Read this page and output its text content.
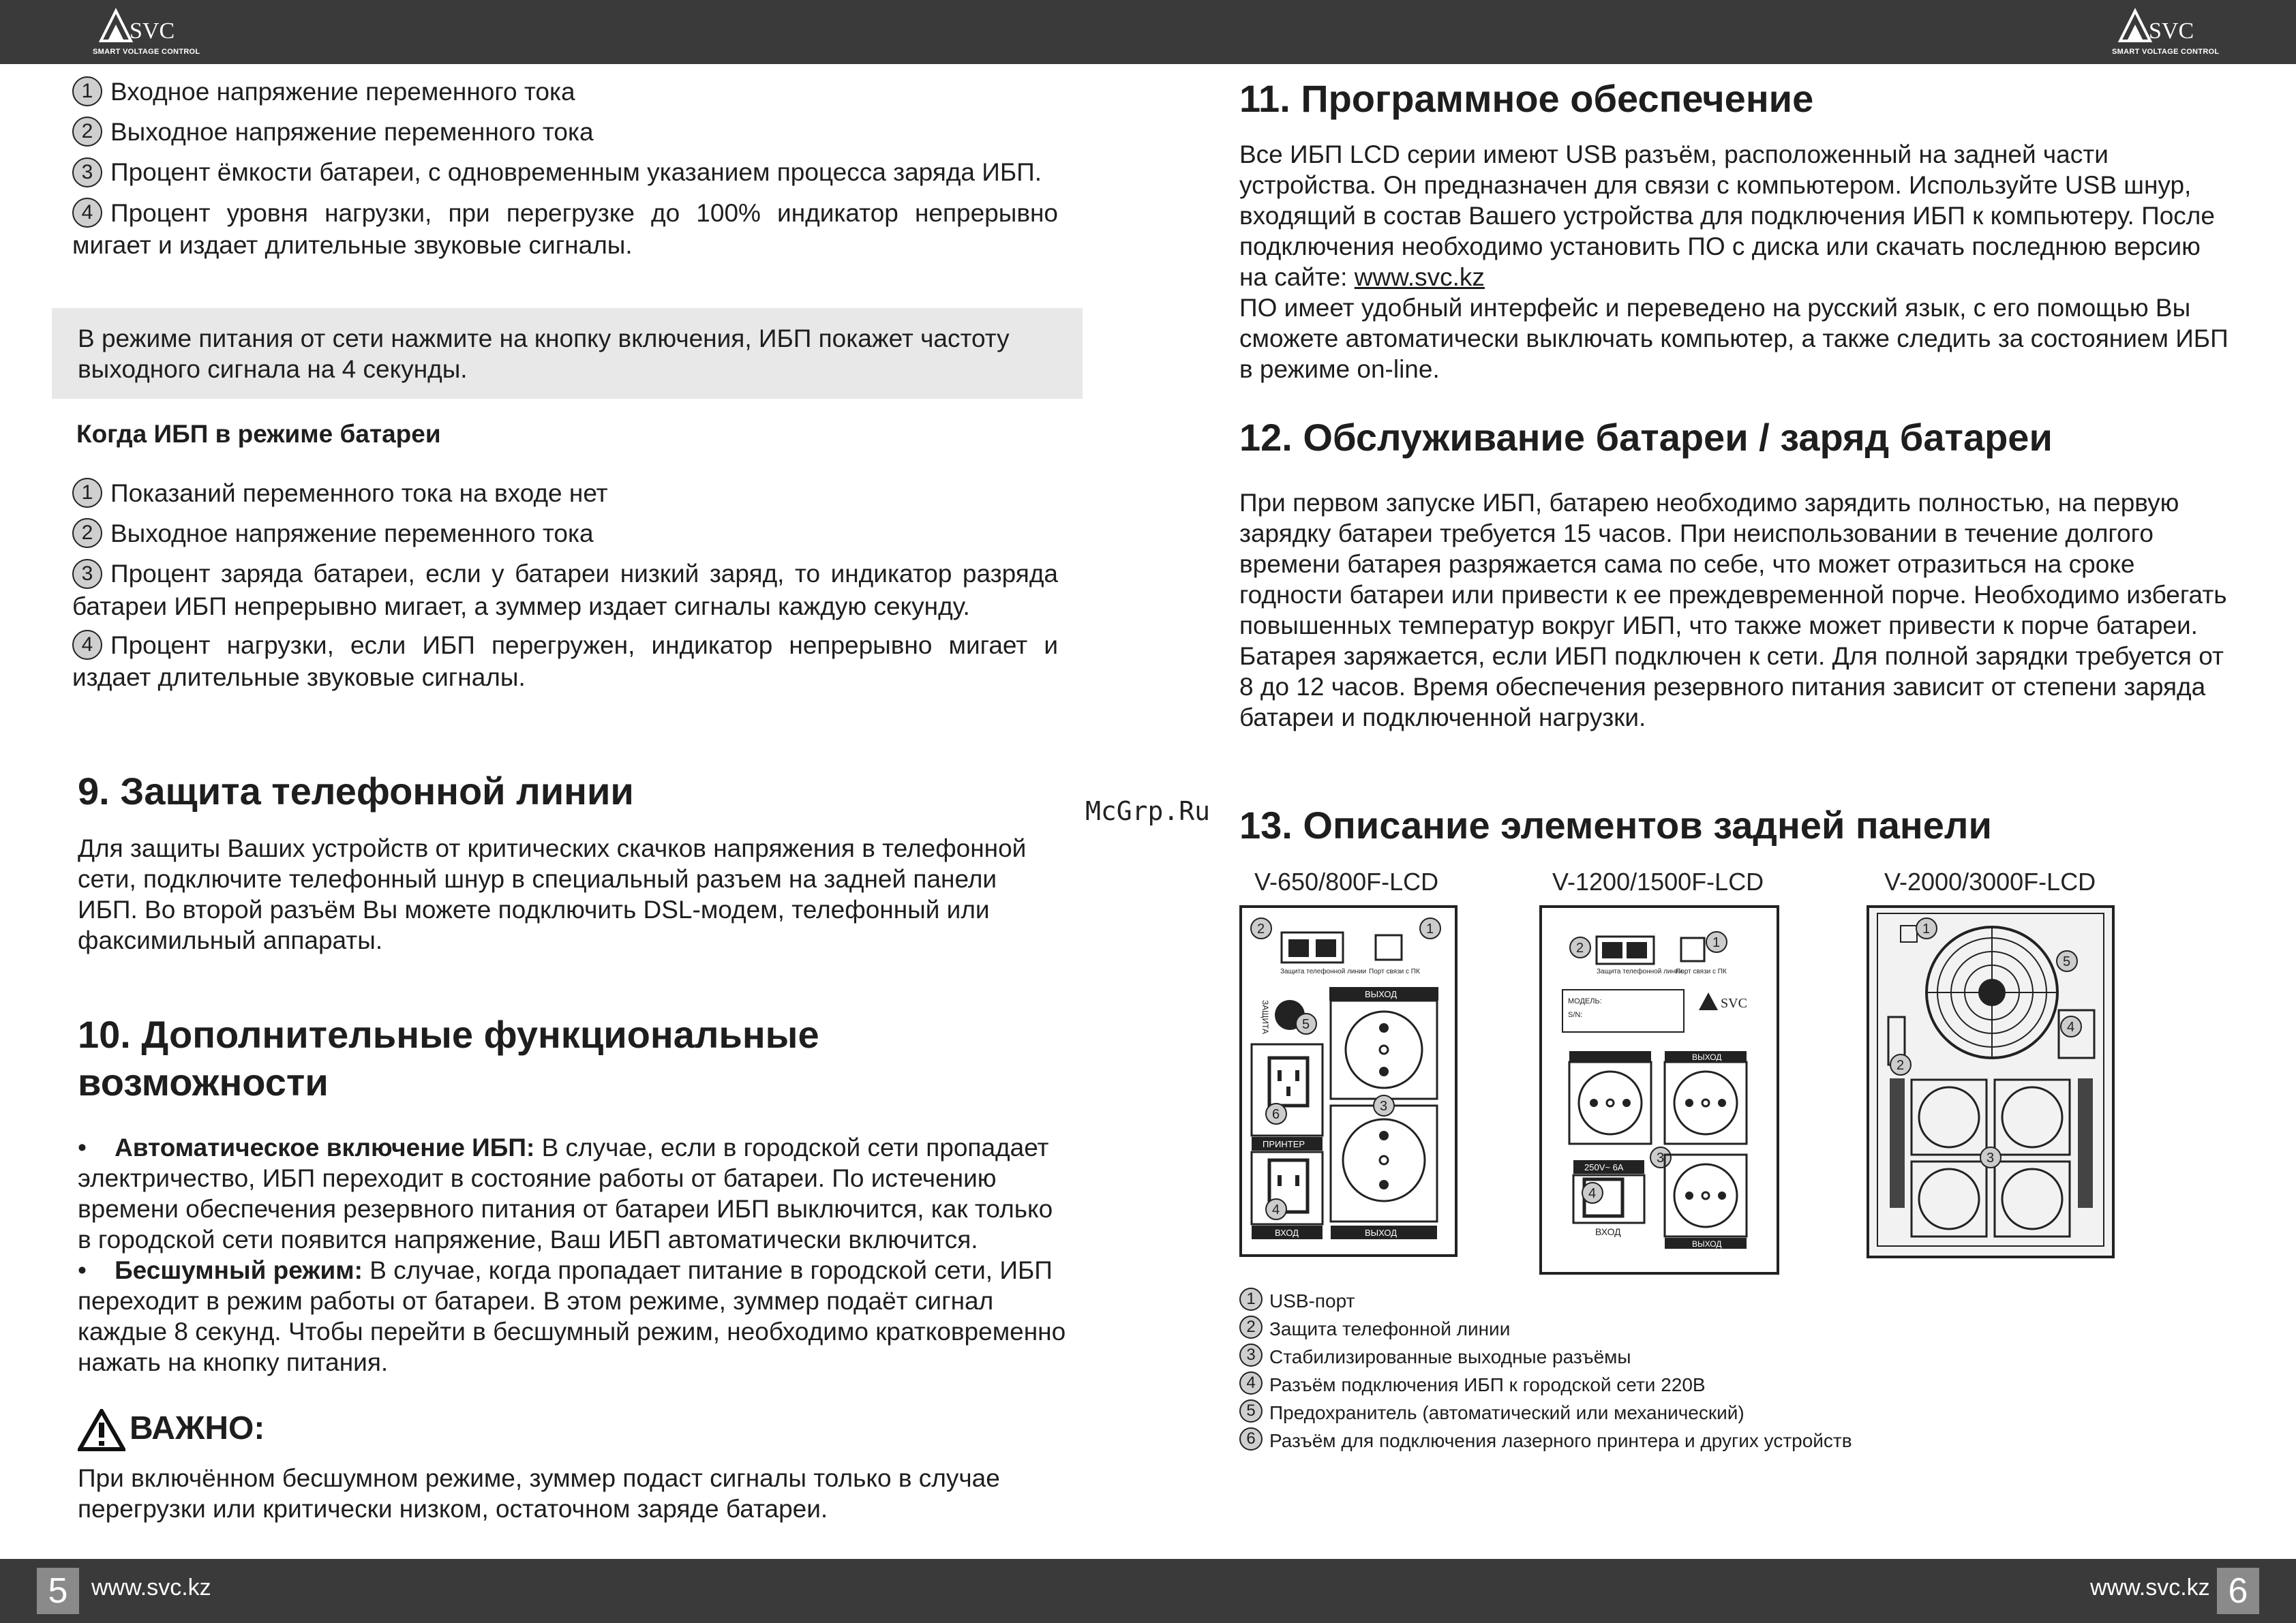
SVC
SMART VOLTAGE CONTROL
SVC
SMART VOLTAGE CONTROL
1 Входное напряжение переменного тока
2 Выходное напряжение переменного тока
3 Процент ёмкости батареи, с одновременным указанием процесса заряда ИБП.
4 Процент уровня нагрузки, при перегрузке до 100% индикатор непрерывно мигает и издает длительные звуковые сигналы.

В режиме питания от сети нажмите на кнопку включения, ИБП покажет частоту выходного сигнала на 4 секунды.

Когда ИБП в режиме батареи
1 Показаний переменного тока на входе нет
2 Выходное напряжение переменного тока
3 Процент заряда батареи, если у батареи низкий заряд, то индикатор разряда батареи ИБП непрерывно мигает, а зуммер издает сигналы каждую секунду.
4 Процент нагрузки, если ИБП перегружен, индикатор непрерывно мигает и издает длительные звуковые сигналы.
9. Защита телефонной линии

Для защиты Ваших устройств от критических скачков напряжения в телефонной сети, подключите телефонный шнур в специальный разъем на задней панели ИБП. Во второй разъём Вы можете подключить DSL-модем, телефонный или факсимильный аппараты.

10. Дополнительные функциональные возможности

•    Автоматическое включение ИБП: В случае, если в городской сети пропадает электричество, ИБП переходит в состояние работы от батареи. По истечению времени обеспечения резервного питания от батареи ИБП выключится, как только в городской сети появится напряжение, Ваш ИБП автоматически включится.

•    Бесшумный режим: В случае, когда пропадает питание в городской сети, ИБП переходит в режим работы от батареи. В этом режиме, зуммер подаёт сигнал каждые 8 секунд. Чтобы перейти в бесшумный режим, необходимо кратковременно нажать на кнопку питания.

ВАЖНО:

При включённом бесшумном режиме, зуммер подаст сигналы только в случае перегрузки или критически низком, остаточном заряде батареи.

McGrp.Ru
11. Программное обеспечение

Все ИБП LCD серии имеют USB разъём, расположенный на задней части устройства. Он предназначен для связи с компьютером. Используйте USB шнур, входящий в состав Вашего устройства для подключения ИБП к компьютеру. После подключения необходимо установить ПО с диска или скачать последнюю версию на сайте: www.svc.kz

ПО имеет удобный интерфейс и переведено на русский язык, с его помощью Вы сможете автоматически выключать компьютер, а также следить за состоянием ИБП в режиме on-line.

12. Обслуживание батареи / заряд батареи

При первом запуске ИБП, батарею необходимо зарядить полностью, на первую зарядку батареи требуется 15 часов. При неиспользовании в течение долгого времени батарея разряжается сама по себе, что может отразиться на сроке годности батареи или привести к ее преждевременной порче. Необходимо избегать повышенных температур вокруг ИБП, что также может привести к порче батареи.

Батарея заряжается, если ИБП подключен к сети. Для полной зарядки требуется от 8 до 12 часов. Время обеспечения резервного питания зависит от степени заряда батареи и подключенной нагрузки.

13. Описание элементов задней панели
V-650/800F-LCD	V-1200/1500F-LCD	V-2000/3000F-LCD
Защита телефонной линии Порт связи с ПК
2	1
ВЫХОД
ВЫХОД
3
5
ЗАЩИТА
6
ПРИНТЕР
4
ВХОД
Защита телефонной линии
Порт связи с ПК
2	1
МОДЕЛЬ:
S/N:
SVC
ВЫХОД
3
ВЫХОД
250V~ 6A
4
ВХОД
1
5
2
4
3
1 USB-порт
2 Защита телефонной линии
3 Стабилизированные выходные разъёмы
4 Разъём подключения ИБП к городской сети 220В
5 Предохранитель (автоматический или механический)
6 Разъём для подключения лазерного принтера и других устройств
5	www.svc.kz	www.svc.kz 6
